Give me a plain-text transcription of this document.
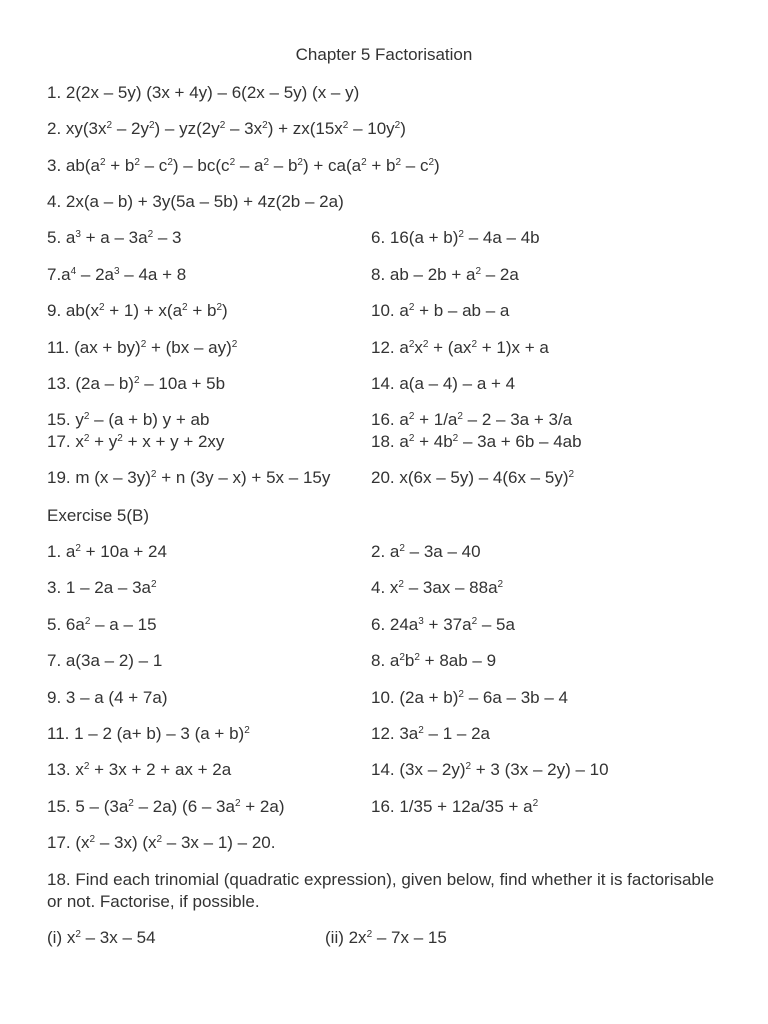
Chapter 5 Factorisation
1. 2(2x – 5y) (3x + 4y) – 6(2x – 5y) (x – y)
2. $xy(3x^2 - 2y^2) - yz(2y^2 - 3x^2) + zx(15x^2 - 10y^2)$
3. $ab(a^2 + b^2 - c^2) - bc(c^2 - a^2 - b^2) + ca(a^2 + b^2 - c^2)$
4. 2x(a – b) + 3y(5a – 5b) + 4z(2b – 2a)
5. $a^3 + a - 3a^2 - 3$	6. $16(a + b)^2 - 4a - 4b$
$7.a^4 - 2a^3 - 4a + 8$	8. ab – $2b + a^2 - 2a$
9. $ab(x^2 + 1) + x(a^2 + b^2)$	10. $a^2 + b$ – ab – a
11. (ax + by)$^2$ + (bx – ay)$^2$	12. $a^2x^2 + (ax^2 + 1)x + a$
13. (2a – b)$^2$ – 10a + 5b	14. a(a – 4) – a + 4
15. $y^2 - (a + b) y$ + ab	16. $a^2 + 1/a^2 - 2 - 3a + 3/a$
17. $x^2 + y^2 + x + y + 2xy$	18. $a^2 + 4b^2 - 3a + 6b - 4ab$
19. m (x – 3y)$^2$ + n (3y – x) + 5x – 15y 20. x(6x – 5y) – 4(6x – 5y)$^2$
Exercise 5(B)
1. $a^2 + 10a + 24$	2. $a^2 - 3a - 40$
3. $1 - 2a - 3a^2$	4. $x^2 - 3ax - 88a^2$
5. $6a^2$ – a – 15	6. $24a^3 + 37a^2 - 5a$
7. a(3a – 2) – 1	8. $a^2b^2 + 8ab - 9$
9. 3 – a (4 + 7a)	10. $(2a + b)^2 - 6a - 3b - 4$
11. 1 – 2 (a+ b) – 3 $(a + b)^2$	12. $3a^2 - 1 - 2a$
13. $x^2 + 3x + 2$ + ax + 2a	14. (3x – 2y)$^2$ + 3 (3x – 2y) – 10
15. $5 - (3a^2 - 2a)$ $(6 - 3a^2 + 2a)$	16. $1/35 + 12a/35 + a^2$
17. $(x^2 - 3x)$ $(x^2 - 3x - 1) - 20$.
18. Find each trinomial (quadratic expression), given below, find whether it is factorisable or not. Factorise, if possible.
(i) $x^2 - 3x - 54$	(ii) $2x^2 - 7x - 15$
